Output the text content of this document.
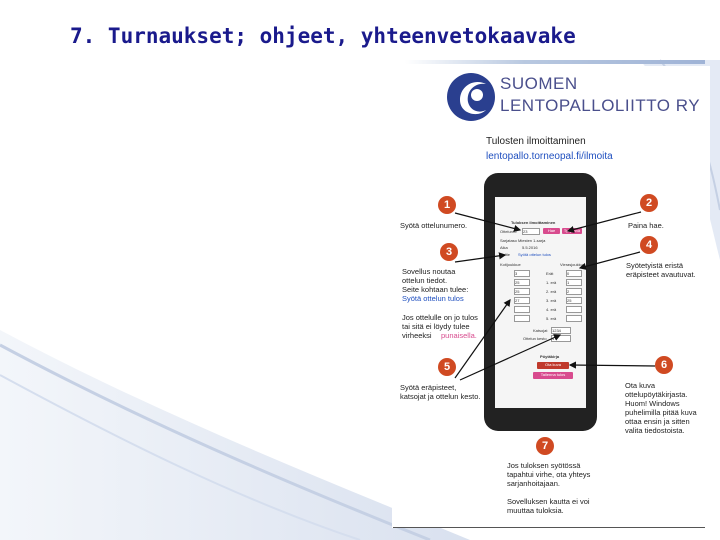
7. Turnaukset; ohjeet, yhteenvetokaavake
SUOMEN
LENTOPALLOLIITTO RY
Tulosten ilmoittaminen
lentopallo.torneopal.fi/ilmoita
Tuloksen ilmoittaminen
Ottelunro 23	Hae	Tyhjennä
Sarjataso Miesten 1-sarja
Aika	5.5.2016
Selite Syötä ottelun tulos
Kotijoukkue	Vierasjoukkue
3	Erät	0
25	1. erä	1
25	2. erä	2
27	3. erä	25
4. erä
5. erä
Katsojat 1234
Ottelun kesto 1
Pöytäkirja
Ota kuva
Tallenna tulos
1
Syötä ottelunumero.
2
Paina hae.
3
Sovellus noutaa
ottelun tiedot.
Seite kohtaan tulee:
Syötä ottelun tulos
Jos ottelulle on jo tulos
tai sitä ei löydy tulee
virheeksi	punaisella.
4
Syötetyistä eristä
eräpisteet avautuvat.
5
Syötä eräpisteet,
katsojat ja ottelun kesto.
6
Ota kuva
ottelupöytäkirjasta.
Huom! Windows
puhelimilla pitää kuva
ottaa ensin ja sitten
valita tiedostoista.
7
Jos tuloksen syötössä
tapahtui virhe, ota yhteys
sarjanhoitajaan.

Sovelluksen kautta ei voi
muuttaa tuloksia.
